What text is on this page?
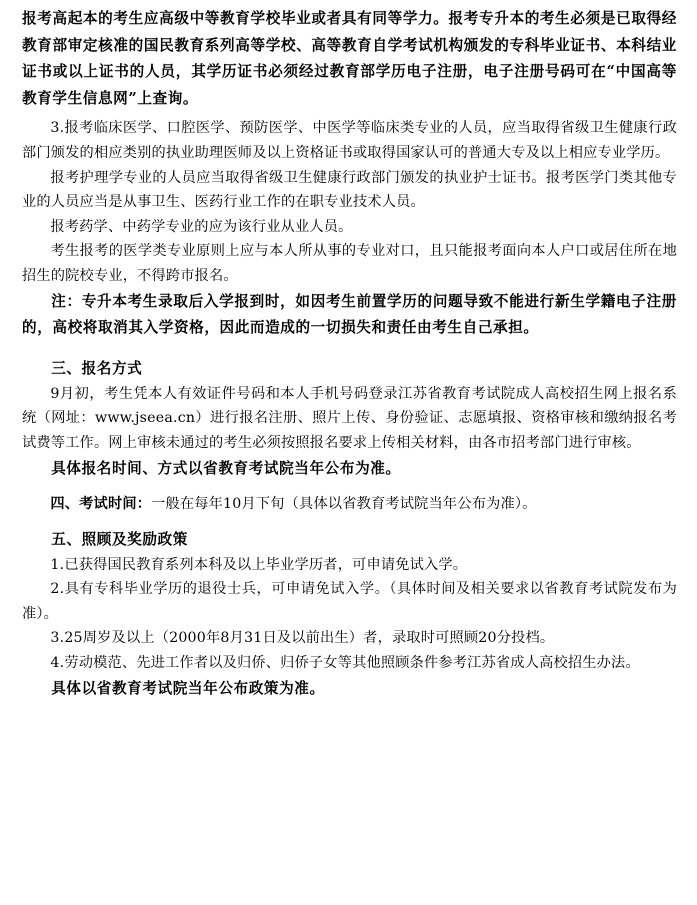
报考高起本的考生应高级中等教育学校毕业或者具有同等学力。报考专升本的考生必须是已取得经教育部审定核准的国民教育系列高等学校、高等教育自学考试机构颁发的专科毕业证书、本科结业证书或以上证书的人员，其学历证书必须经过教育部学历电子注册，电子注册号码可在“中国高等教育学生信息网”上查询。

3.报考临床医学、口腔医学、预防医学、中医学等临床类专业的人员，应当取得省级卫生健康行政部门颁发的相应类别的执业助理医师及以上资格证书或取得国家认可的普通大专及以上相应专业学历。

报考护理学专业的人员应当取得省级卫生健康行政部门颁发的执业护士证书。报考医学门类其他专业的人员应当是从事卫生、医药行业工作的在职专业技术人员。

报考药学、中药学专业的应为该行业从业人员。

考生报考的医学类专业原则上应与本人所从事的专业对口，且只能报考面向本人户口或居住所在地招生的院校专业，不得跨市报名。

注：专升本考生录取后入学报到时，如因考生前置学历的问题导致不能进行新生学籍电子注册的，高校将取消其入学资格，因此而造成的一切损失和责任由考生自己承担。

三、报名方式

9月初，考生凭本人有效证件号码和本人手机号码登录江苏省教育考试院成人高校招生网上报名系统（网址：www.jseea.cn）进行报名注册、照片上传、身份验证、志愿填报、资格审核和缴纳报名考试费等工作。网上审核未通过的考生必须按照报名要求上传相关材料，由各市招考部门进行审核。

具体报名时间、方式以省教育考试院当年公布为准。

四、考试时间：一般在每年10月下旬（具体以省教育考试院当年公布为准）。

五、照顾及奖励政策

1.已获得国民教育系列本科及以上毕业学历者，可申请免试入学。

2.具有专科毕业学历的退役士兵，可申请免试入学。（具体时间及相关要求以省教育考试院发布为准）。

3.25周岁及以上（2000年8月31日及以前出生）者，录取时可照顾20分投档。

4.劳动模范、先进工作者以及归侨、归侨子女等其他照顾条件参考江苏省成人高校招生办法。

具体以省教育考试院当年公布政策为准。
